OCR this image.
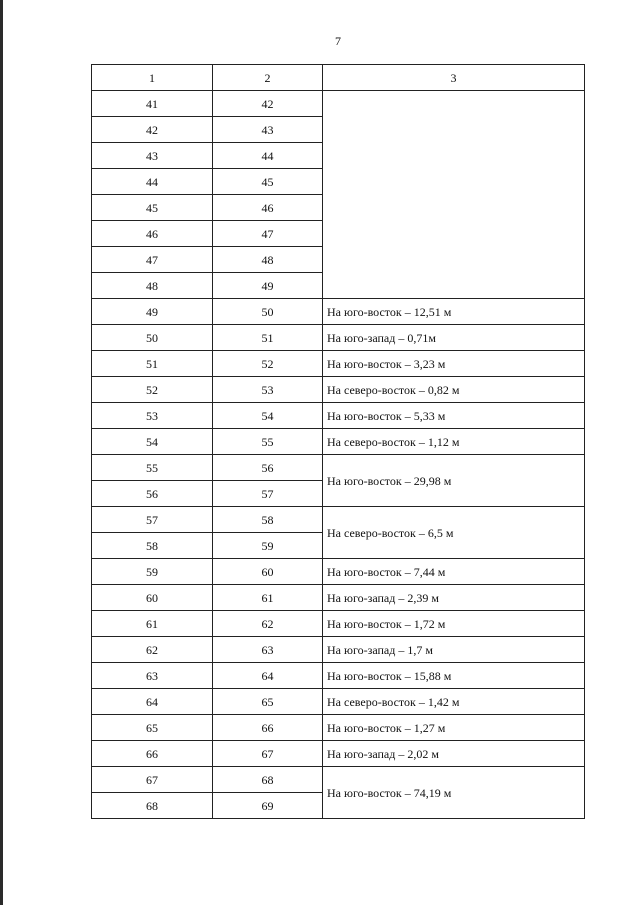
7
1	2	3
41	42	
42	43	
43	44	
44	45	
45	46	
46	47	
47	48	
48	49	
49	50	На юго-восток – 12,51 м
50	51	На юго-запад – 0,71м
51	52	На юго-восток – 3,23 м
52	53	На северо-восток – 0,82 м
53	54	На юго-восток – 5,33 м
54	55	На северо-восток – 1,12 м
55	56	На юго-восток – 29,98 м
56	57	
57	58	На северо-восток – 6,5 м
58	59	
59	60	На юго-восток – 7,44 м
60	61	На юго-запад – 2,39 м
61	62	На юго-восток – 1,72 м
62	63	На юго-запад – 1,7 м
63	64	На юго-восток – 15,88 м
64	65	На северо-восток – 1,42 м
65	66	На юго-восток – 1,27 м
66	67	На юго-запад – 2,02 м
67	68	На юго-восток – 74,19 м
68	69	
